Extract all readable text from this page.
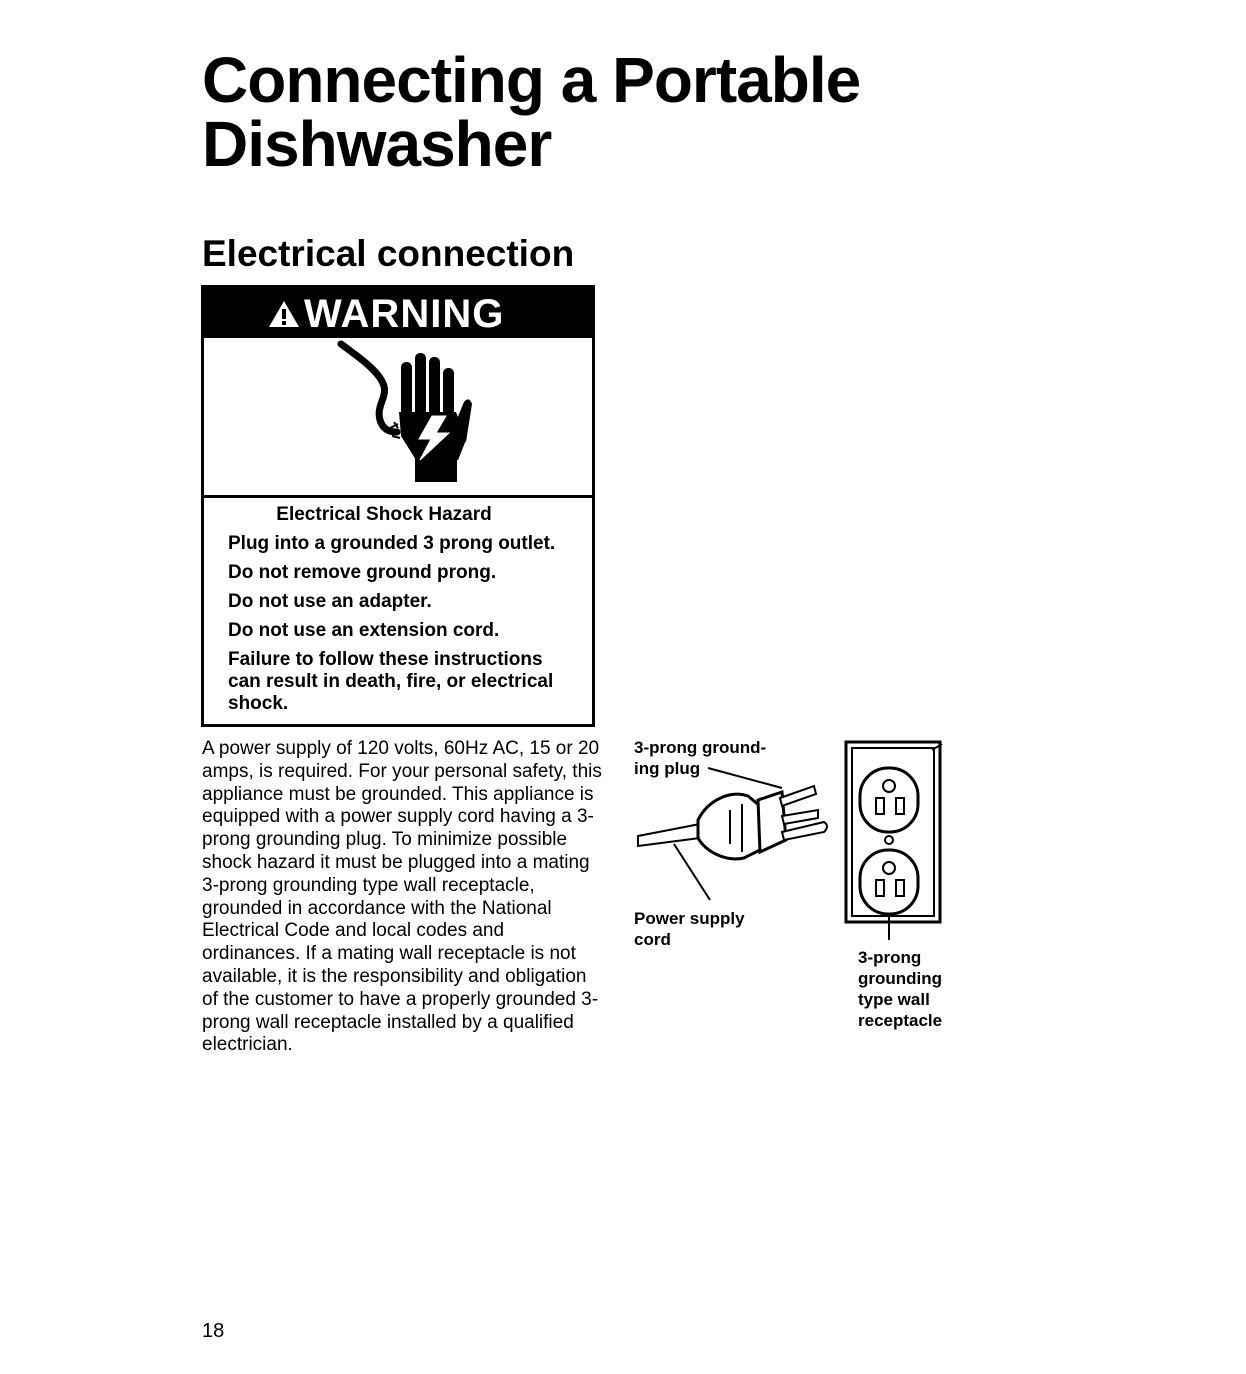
Connecting a Portable
Dishwasher
Electrical connection
WARNING

Electrical Shock Hazard

Plug into a grounded 3 prong outlet.

Do not remove ground prong.

Do not use an adapter.

Do not use an extension cord.

Failure to follow these instructions can result in death, fire, or electrical shock.

A power supply of 120 volts, 60Hz AC, 15 or 20 amps, is required. For your personal safety, this appliance must be grounded. This appliance is equipped with a power supply cord having a 3-prong grounding plug. To minimize possible shock hazard it must be plugged into a mating 3-prong grounding type wall receptacle, grounded in accordance with the National Electrical Code and local codes and ordinances. If a mating wall receptacle is not available, it is the responsibility and obligation of the customer to have a properly grounded 3-prong wall receptacle installed by a qualified electrician.

3-prong ground-
ing plug

Power supply
cord

3-prong
grounding
type wall
receptacle

18
